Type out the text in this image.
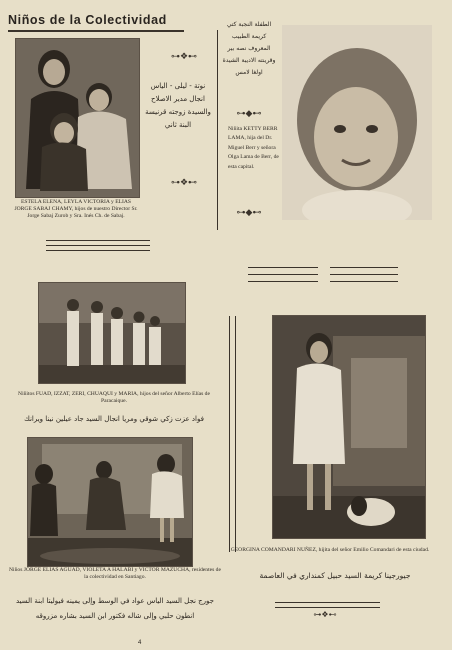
Niños de la Colectividad
⊶❖⊷
⊶❖⊷
⊶◆⊷
⊶◆⊷
نوتة - ليلى - الياس
انجال مدير الاصلاح
والسيدة زوجته قرنيسة
البنة ثاني
الطفلة النجبة كتي
كريمة الطبيب
المعروف نصه بير
وقرينته الاديبة الشيدة
اولغا لامس
Niñita KETTY BERR LAMA, hija del Dr. Miguel Berr y señora Olga Lama de Berr, de esta capital.
ESTELA ELENA, LEYLA VICTORIA y ELIAS JORGE SABAJ CHAMY, hijos de nuestro Director Sr. Jorge Sabaj Zurob y Sra. Inés Ch. de Sabaj.
Niñitos FUAD, IZZAT, ZERI, CHUAQUI y MARIA, hijos del señor Alberto Elías de Paracaique.
فواد عزت زكي شوقي ومريا انجال السيد جاد عيلين نينا ويرانك
GEORGINA COMANDARI NUÑEZ, hijita del señor Emilio Comandari de esta ciudad.
جيورجينا كريمة السيد حبيل كمنداري في العاصمة
⊶❖⊷
Niños JORGE ELIAS AGUAD, VIOLETA A HALABI y VICTOR MAZUCHA, residentes de la colectividad en Santiago.
جورج نجل السيد الياس عواد في الوسط وإلى يمينه فيوليتا ابنة السيد
انطون حلبي وإلى شاله فكتور ابن السيد بشاره مزروقه
4
